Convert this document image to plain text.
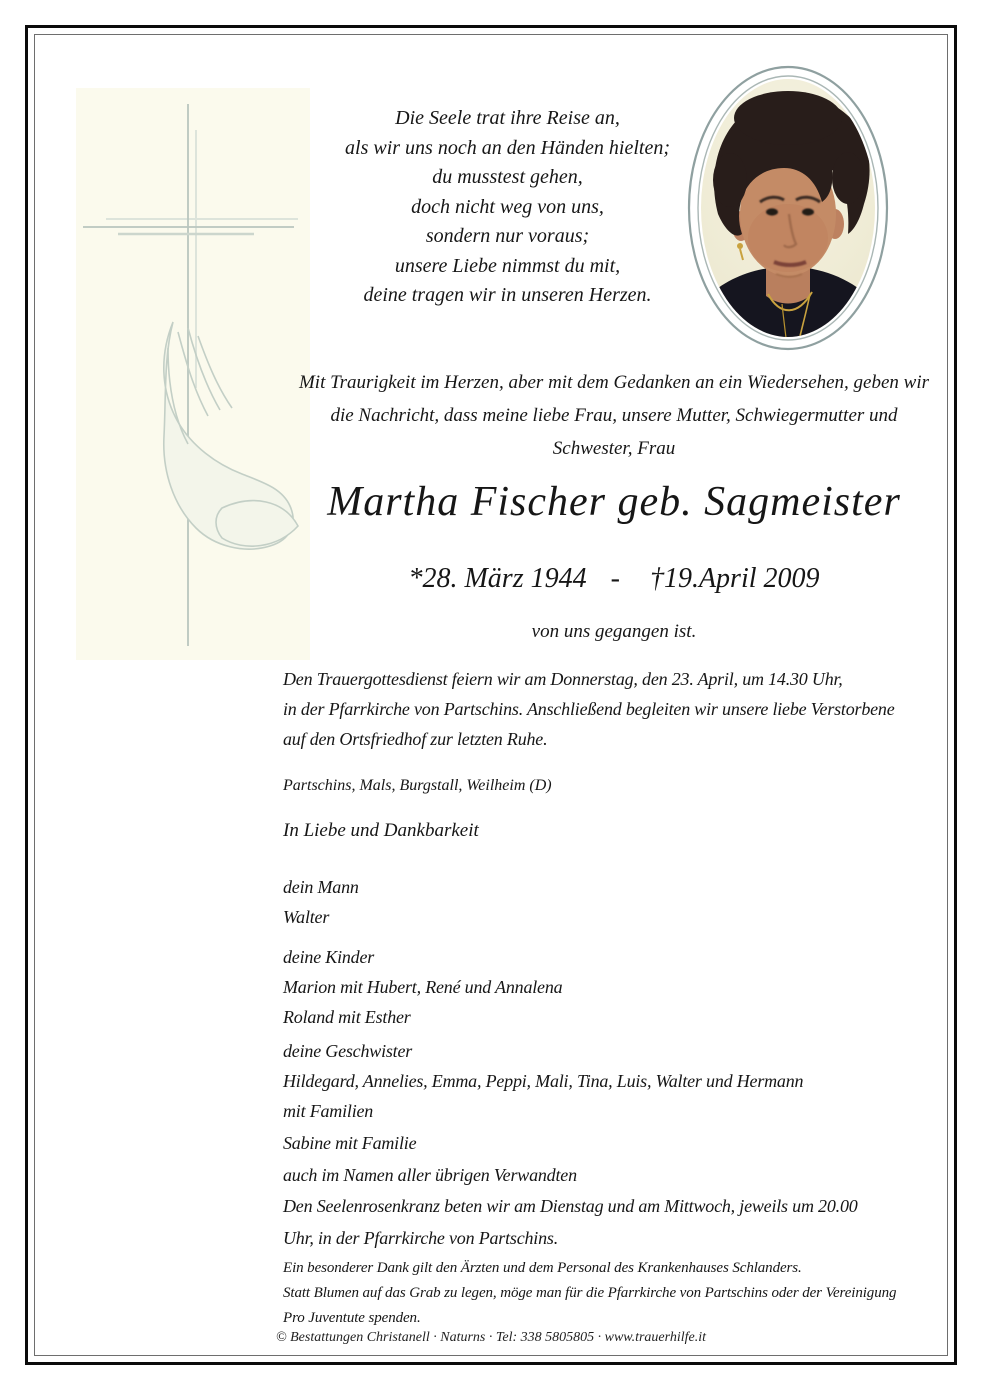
Die Seele trat ihre Reise an,
als wir uns noch an den Händen hielten;
du musstest gehen,
doch nicht weg von uns,
sondern nur voraus;
unsere Liebe nimmst du mit,
deine tragen wir in unseren Herzen.
Mit Traurigkeit im Herzen, aber mit dem Gedanken an ein Wiedersehen, geben wir
die Nachricht, dass meine liebe Frau, unsere Mutter, Schwiegermutter und
Schwester, Frau
Martha Fischer geb. Sagmeister
*28. März 1944 - †19.April 2009
von uns gegangen ist.
Den Trauergottesdienst feiern wir am Donnerstag, den 23. April, um 14.30 Uhr,
in der Pfarrkirche von Partschins. Anschließend begleiten wir unsere liebe Verstorbene
auf den Ortsfriedhof zur letzten Ruhe.
Partschins, Mals, Burgstall, Weilheim (D)
In Liebe und Dankbarkeit
dein Mann
Walter
deine Kinder
Marion mit Hubert, René und Annalena
Roland mit Esther
deine Geschwister
Hildegard, Annelies, Emma, Peppi, Mali, Tina, Luis, Walter und Hermann
mit Familien
Sabine mit Familie
auch im Namen aller übrigen Verwandten
Den Seelenrosenkranz beten wir am Dienstag und am Mittwoch, jeweils um 20.00
Uhr, in der Pfarrkirche von Partschins.
Ein besonderer Dank gilt den Ärzten und dem Personal des Krankenhauses Schlanders.
Statt Blumen auf das Grab zu legen, möge man für die Pfarrkirche von Partschins oder der Vereinigung
Pro Juventute spenden.
© Bestattungen Christanell · Naturns · Tel: 338 5805805 · www.trauerhilfe.it
